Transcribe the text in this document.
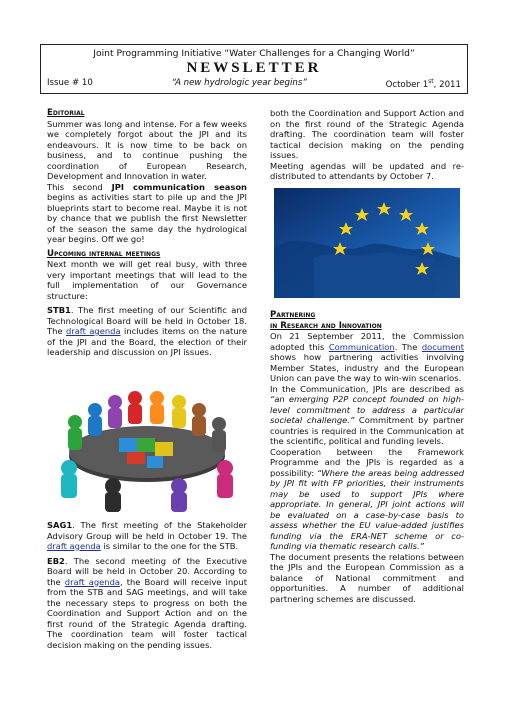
Joint Programming Initiative “Water Challenges for a Changing World”
NEWSLETTER
Issue # 10	“A new hydrologic year begins”	October 1st, 2011

Editorial

Summer was long and intense. For a few weeks we completely forgot about the JPI and its endeavours. It is now time to be back on business, and to continue pushing the coordination of European Research, Development and Innovation in water.

This second JPI communication season begins as activities start to pile up and the JPI blueprints start to become real. Maybe it is not by chance that we publish the first Newsletter of the season the same day the hydrological year begins. Off we go!

Upcoming internal meetings

Next month we will get real busy, with three very important meetings that will lead to the full implementation of our Governance structure:

STB1. The first meeting of our Scientific and Technological Board will be held in October 18. The draft agenda includes items on the nature of the JPI and the Board, the election of their leadership and discussion on JPI issues.

SAG1. The first meeting of the Stakeholder Advisory Group will be held in October 19. The draft agenda is similar to the one for the STB.

EB2. The second meeting of the Executive Board will be held in October 20. According to the draft agenda, the Board will receive input from the STB and SAG meetings, and will take the necessary steps to progress on both the Coordination and Support Action and on the first round of the Strategic Agenda drafting. The coordination team will foster tactical decision making on the pending issues.

both the Coordination and Support Action and on the first round of the Strategic Agenda drafting. The coordination team will foster tactical decision making on the pending issues.

Meeting agendas will be updated and re-distributed to attendants by October 7.

Partnering
in Research and Innovation

On 21 September 2011, the Commission adopted this Communication. The document shows how partnering activities involving Member States, industry and the European Union can pave the way to win-win scenarios.

In the Communication, JPIs are described as “an emerging P2P concept founded on high-level commitment to address a particular societal challenge.” Commitment by partner countries is required in the Communication at the scientific, political and funding levels.

Cooperation between the Framework Programme and the JPIs is regarded as a possibility: “Where the areas being addressed by JPI fit with FP priorities, their instruments may be used to support JPIs where appropriate. In general, JPI joint actions will be evaluated on a case-by-case basis to assess whether the EU value-added justifies funding via the ERA-NET scheme or co-funding via thematic research calls.”

The document presents the relations between the JPIs and the European Commission as a balance of National commitment and opportunities. A number of additional partnering schemes are discussed.
